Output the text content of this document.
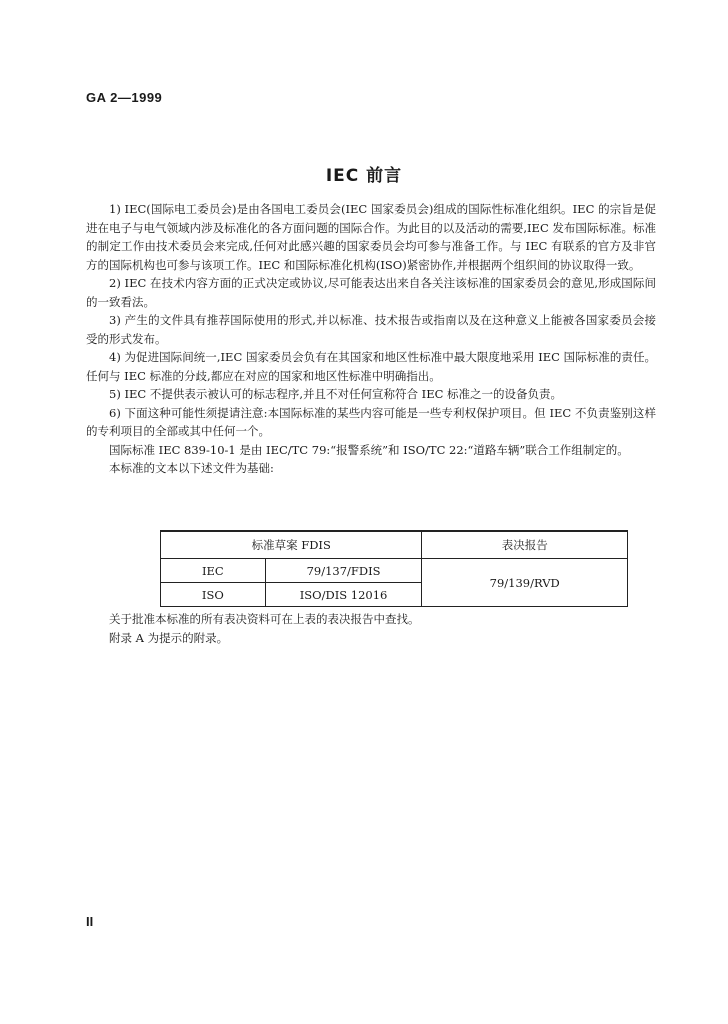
GA 2—1999
IEC 前言

1) IEC(国际电工委员会)是由各国电工委员会(IEC 国家委员会)组成的国际性标准化组织。IEC 的宗旨是促进在电子与电气领域内涉及标准化的各方面问题的国际合作。为此目的以及活动的需要,IEC 发布国际标准。标准的制定工作由技术委员会来完成,任何对此感兴趣的国家委员会均可参与准备工作。与 IEC 有联系的官方及非官方的国际机构也可参与该项工作。IEC 和国际标准化机构(ISO)紧密协作,并根据两个组织间的协议取得一致。

2) IEC 在技术内容方面的正式决定或协议,尽可能表达出来自各关注该标准的国家委员会的意见,形成国际间的一致看法。

3) 产生的文件具有推荐国际使用的形式,并以标准、技术报告或指南以及在这种意义上能被各国家委员会接受的形式发布。

4) 为促进国际间统一,IEC 国家委员会负有在其国家和地区性标准中最大限度地采用 IEC 国际标准的责任。任何与 IEC 标准的分歧,都应在对应的国家和地区性标准中明确指出。

5) IEC 不提供表示被认可的标志程序,并且不对任何宣称符合 IEC 标准之一的设备负责。

6) 下面这种可能性须提请注意:本国际标准的某些内容可能是一些专利权保护项目。但 IEC 不负责鉴别这样的专利项目的全部或其中任何一个。

国际标准 IEC 839-10-1 是由 IEC/TC 79:“报警系统”和 ISO/TC 22:“道路车辆”联合工作组制定的。

本标准的文本以下述文件为基础:

标准草案 FDIS		表决报告
IEC	79/137/FDIS	79/139/RVD
ISO	ISO/DIS 12016	

关于批准本标准的所有表决资料可在上表的表决报告中查找。

附录 A 为提示的附录。

II
